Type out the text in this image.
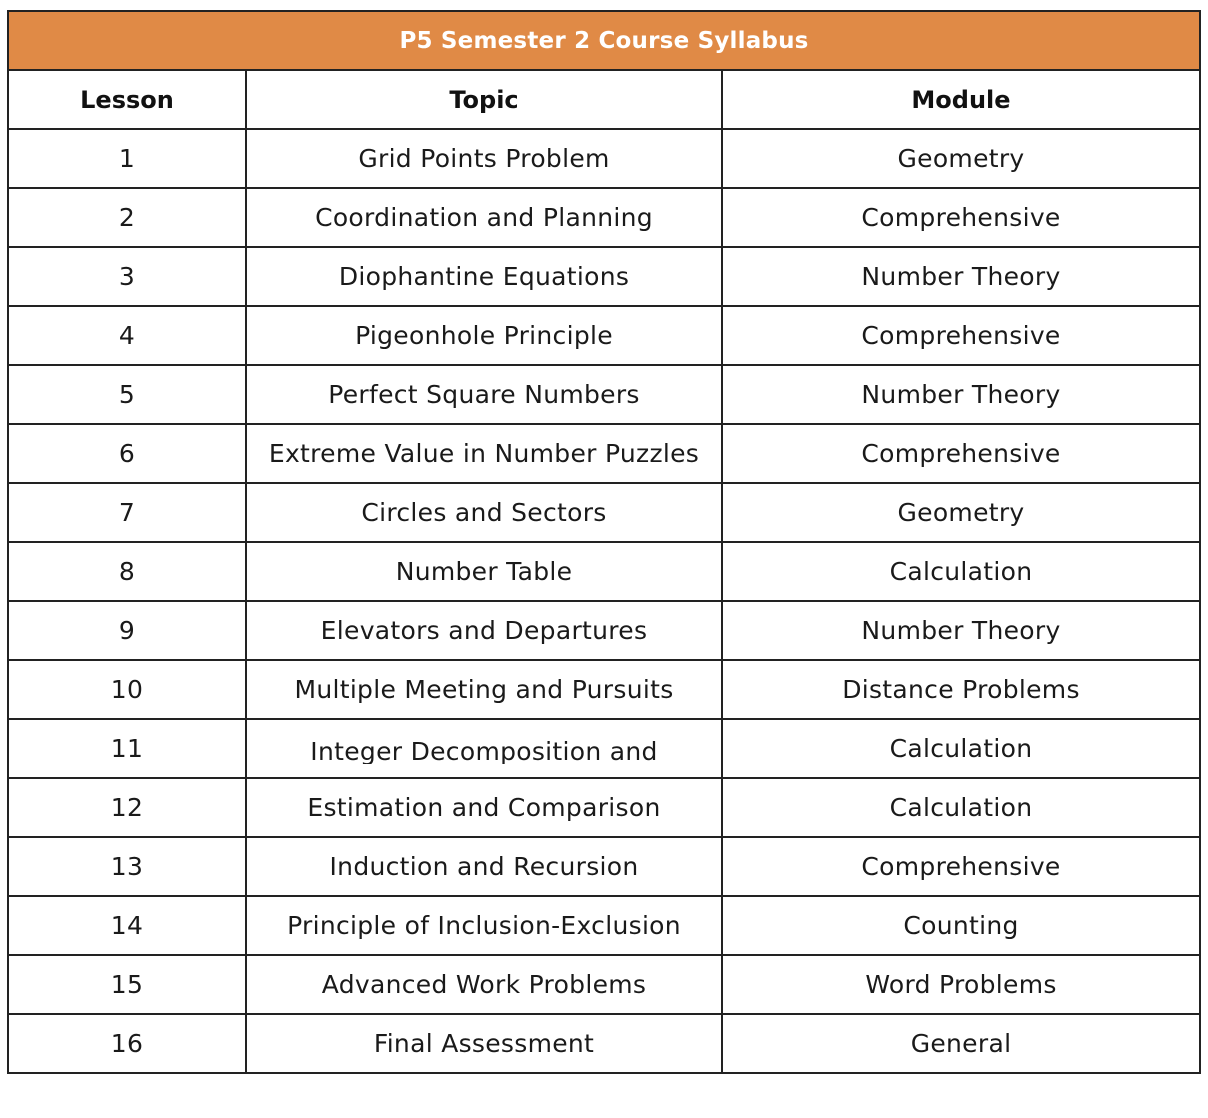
P5 Semester 2 Course Syllabus		
Lesson	Topic	Module
1	Grid Points Problem	Geometry
2	Coordination and Planning	Comprehensive
3	Diophantine Equations	Number Theory
4	Pigeonhole Principle	Comprehensive
5	Perfect Square Numbers	Number Theory
6	Extreme Value in Number Puzzles	Comprehensive
7	Circles and Sectors	Geometry
8	Number Table	Calculation
9	Elevators and Departures	Number Theory
10	Multiple Meeting and Pursuits	Distance Problems
11	Integer Decomposition and	Calculation
12	Estimation and Comparison	Calculation
13	Induction and Recursion	Comprehensive
14	Principle of Inclusion-Exclusion	Counting
15	Advanced Work Problems	Word Problems
16	Final Assessment	General
